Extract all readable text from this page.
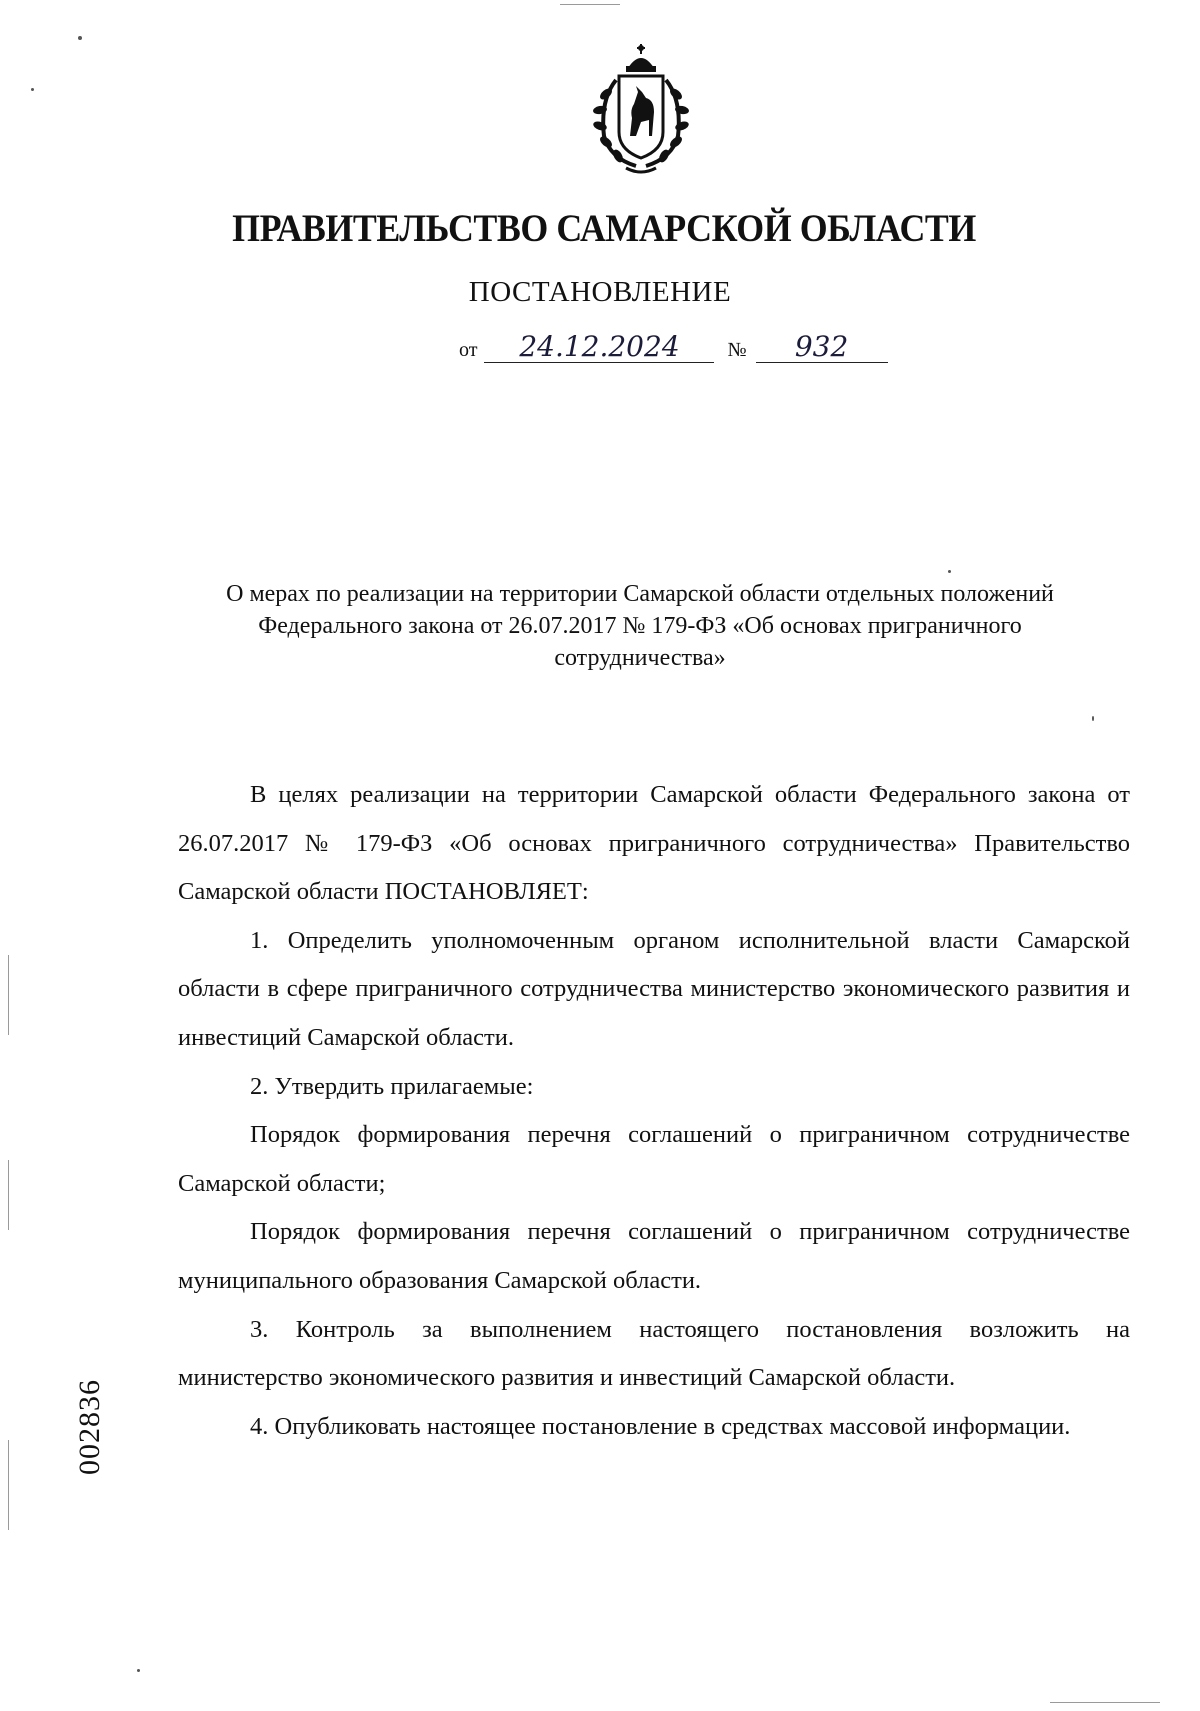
ПРАВИТЕЛЬСТВО САМАРСКОЙ ОБЛАСТИ
ПОСТАНОВЛЕНИЕ
от 24.12.2024 № 932
О мерах по реализации на территории Самарской области отдельных положений Федерального закона от 26.07.2017 № 179-ФЗ «Об основах приграничного сотрудничества»

В целях реализации на территории Самарской области Федерального закона от 26.07.2017 № 179-ФЗ «Об основах приграничного сотрудничества» Правительство Самарской области ПОСТАНОВЛЯЕТ:

1. Определить уполномоченным органом исполнительной власти Самарской области в сфере приграничного сотрудничества министерство экономического развития и инвестиций Самарской области.

2. Утвердить прилагаемые:

Порядок формирования перечня соглашений о приграничном сотрудничестве Самарской области;

Порядок формирования перечня соглашений о приграничном сотрудничестве муниципального образования Самарской области.

3. Контроль за выполнением настоящего постановления возложить на министерство экономического развития и инвестиций Самарской области.

4. Опубликовать настоящее постановление в средствах массовой информации.

002836
